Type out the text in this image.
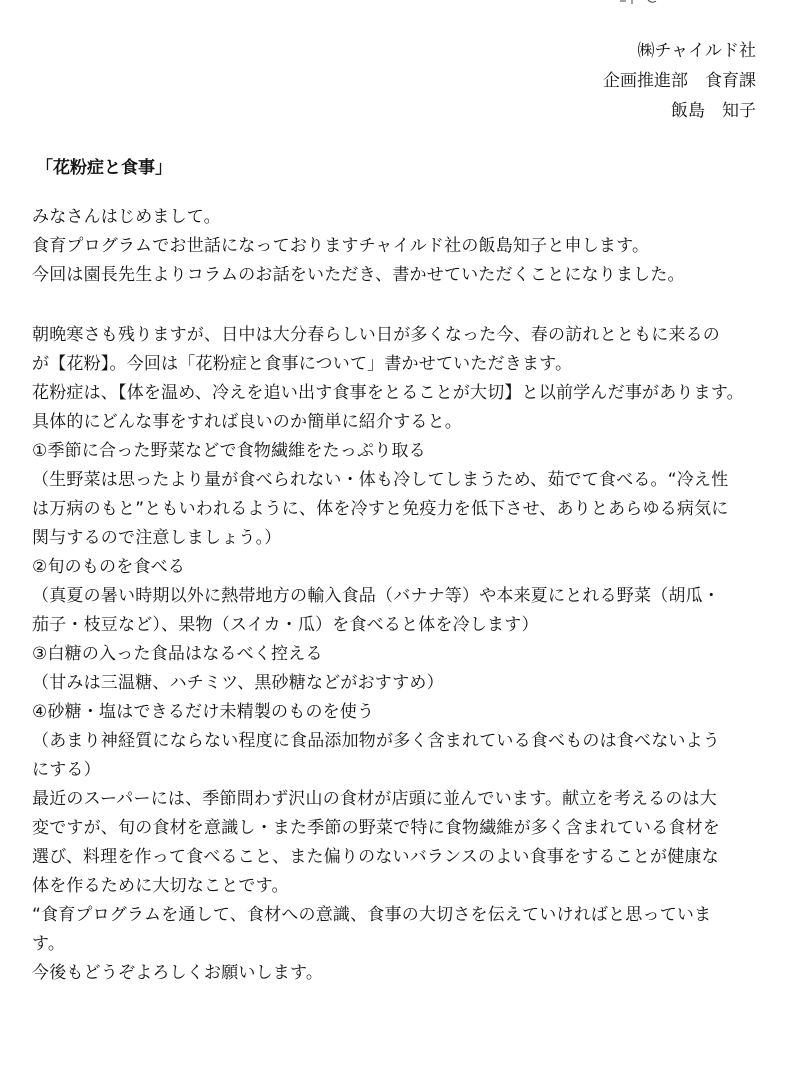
㈱チャイルド社
企画推進部　食育課
飯島　知子
「花粉症と食事」
みなさんはじめまして。
食育プログラムでお世話になっておりますチャイルド社の飯島知子と申します。
今回は園長先生よりコラムのお話をいただき、書かせていただくことになりました。
朝晩寒さも残りますが、日中は大分春らしい日が多くなった今、春の訪れとともに来るの
が【花粉】。今回は「花粉症と食事について」書かせていただきます。
花粉症は、【体を温め、冷えを追い出す食事をとることが大切】と以前学んだ事があります。
具体的にどんな事をすれば良いのか簡単に紹介すると。
①季節に合った野菜などで食物繊維をたっぷり取る
（生野菜は思ったより量が食べられない・体も冷してしまうため、茹でて食べる。“冷え性
は万病のもと”ともいわれるように、体を冷すと免疫力を低下させ、ありとあらゆる病気に
関与するので注意しましょう。）
②旬のものを食べる
（真夏の暑い時期以外に熱帯地方の輸入食品（バナナ等）や本来夏にとれる野菜（胡瓜・
茄子・枝豆など）、果物（スイカ・瓜）を食べると体を冷します）
③白糖の入った食品はなるべく控える
（甘みは三温糖、ハチミツ、黒砂糖などがおすすめ）
④砂糖・塩はできるだけ未精製のものを使う
（あまり神経質にならない程度に食品添加物が多く含まれている食べものは食べないよう
にする）
最近のスーパーには、季節問わず沢山の食材が店頭に並んでいます。献立を考えるのは大
変ですが、旬の食材を意識し・また季節の野菜で特に食物繊維が多く含まれている食材を
選び、料理を作って食べること、また偏りのないバランスのよい食事をすることが健康な
体を作るために大切なことです。
“食育プログラムを通して、食材への意識、食事の大切さを伝えていければと思っていま
す。
今後もどうぞよろしくお願いします。
